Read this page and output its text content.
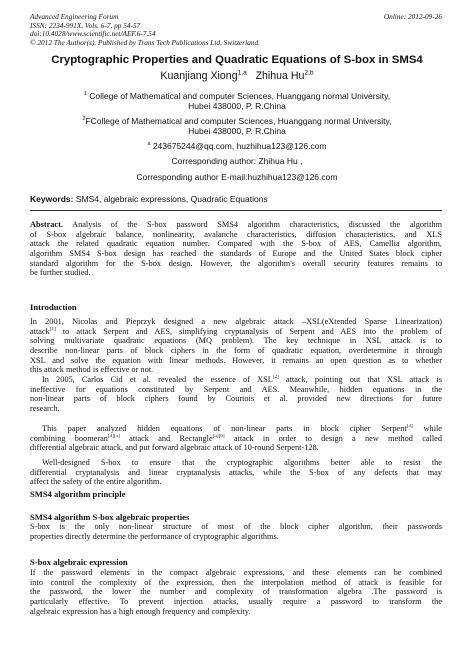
Advanced Engineering Forum	Online: 2012-09-26
ISSN: 2234-991X, Vols. 6-7, pp 54-57
doi:10.4028/www.scientific.net/AEF.6-7.54
© 2012 The Author(s). Published by Trans Tech Publications Ltd, Switzerland.
Cryptographic Properties and Quadratic Equations of S-box in SMS4
Kuanjiang Xiong$^{1,a}$ Zhihua Hu$^{2,b}$
$^1$ College of Mathematical and computer Sciences, Huanggang normal University,
Hubei 438000, P. R.China
$^2$FCollege of Mathematical and computer Sciences, Huanggang normal University,
Hubei 438000, P. R.China
$^a$ 243675244@qq.com, huzhihua123@126.com
Corresponding author: Zhihua Hu ,
Corresponding author E-mail:huzhihua123@126.com
Keywords: SMS4, algebraic expressions, Quadratic Equations
Abstract. Analysis of the S-box password SMS4 algorithm characteristics, discussed the algorithm
of S-box algebraic balance, nonlinearity, avalanche characteristics, diffusion characteristics, and XLS
attack the related quadratic equation number. Compared with the S-box of AES, Camellia algorithm,
algorithm SMS4 S-box design has reached the standards of Europe and the United States block cipher
standard algorithm for the S-box design. However, the algorithm's overall security features remains to
be further studied.
Introduction
In 2001, Nicolas and Pieprzyk designed a new algebraic attack –XSL(eXtended Sparse Linearization)
attack[1] to attack Serpent and AES, simplifying cryptanalysis of Serpent and AES into the problem of
solving multivariate quadratic equations (MQ problem). The key technique in XSL attack is to
describe non-linear parts of block ciphers in the form of quadratic equation, overdetermine it through
XSL and solve the equation with linear methods. However, it remains an open question as to whether
this attack method is effective or not.
In 2005, Carlos Cid et al. revealed the essence of XSL[2] attack, pointing out that XSL attack is
ineffective for equations constituted by Serpent and AES. Meanwhile, hidden equations in the
non-linear parts of block ciphers found by Courtois et al. provided new directions for future
research.
This paper analyzed hidden equations of non-linear parts in block cipher Serpent[3] while
combining boomeran[4][5] attack and Rectangle[5][6] attack in order to design a new method called
differential algebraic attack, and put forward algebraic attack of 10-round Serpent-128.
Well-designed S-box to ensure that the cryptographic algorithms better able to resist the
differential cryptanalysis and linear cryptanalysis attacks, while the S-box of any defects that may
affect the safety of the entire algorithm.
SMS4 algorithm principle
SMS4 algorithm S-box algebraic properties
S-box is the only non-linear structure of most of the block cipher algorithm, their passwords
properties directly determine the performance of cryptographic algorithms.
S-box algebraic expression
If the password elements in the compact algebraic expressions, and these elements can be combined
into control the complexity of the expression, then the interpolation method of attack is feasible for
the password, the lower the number and complexity of transformation algebra .The password is
particularly effective. To prevent injection attacks, usually require a password to transform the
algebraic expression has a high enough frequency and complexity.
